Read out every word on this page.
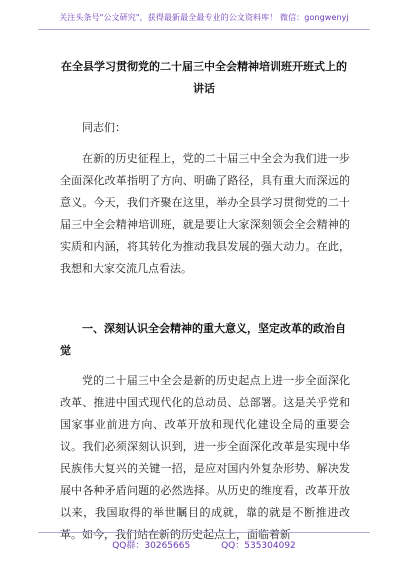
关注头条号"公文研究"，获得最新最全最专业的公文资料库！ 微信：gongwenyj
在全县学习贯彻党的二十届三中全会精神培训班开班式上的讲话
同志们：

在新的历史征程上，党的二十届三中全会为我们进一步全面深化改革指明了方向、明确了路径，具有重大而深远的意义。今天，我们齐聚在这里，举办全县学习贯彻党的二十届三中全会精神培训班，就是要让大家深刻领会全会精神的实质和内涵，将其转化为推动我县发展的强大动力。在此，我想和大家交流几点看法。

一、深刻认识全会精神的重大意义，坚定改革的政治自觉

党的二十届三中全会是新的历史起点上进一步全面深化改革、推进中国式现代化的总动员、总部署。这是关乎党和国家事业前进方向、改革开放和现代化建设全局的重要会议。我们必须深刻认识到，进一步全面深化改革是实现中华民族伟大复兴的关键一招，是应对国内外复杂形势、解决发展中各种矛盾问题的必然选择。从历史的维度看，改革开放以来，我国取得的举世瞩目的成就，靠的就是不断推进改革。如今，我们站在新的历史起点上，面临着新

QQ群：30265665	QQ：535304092
